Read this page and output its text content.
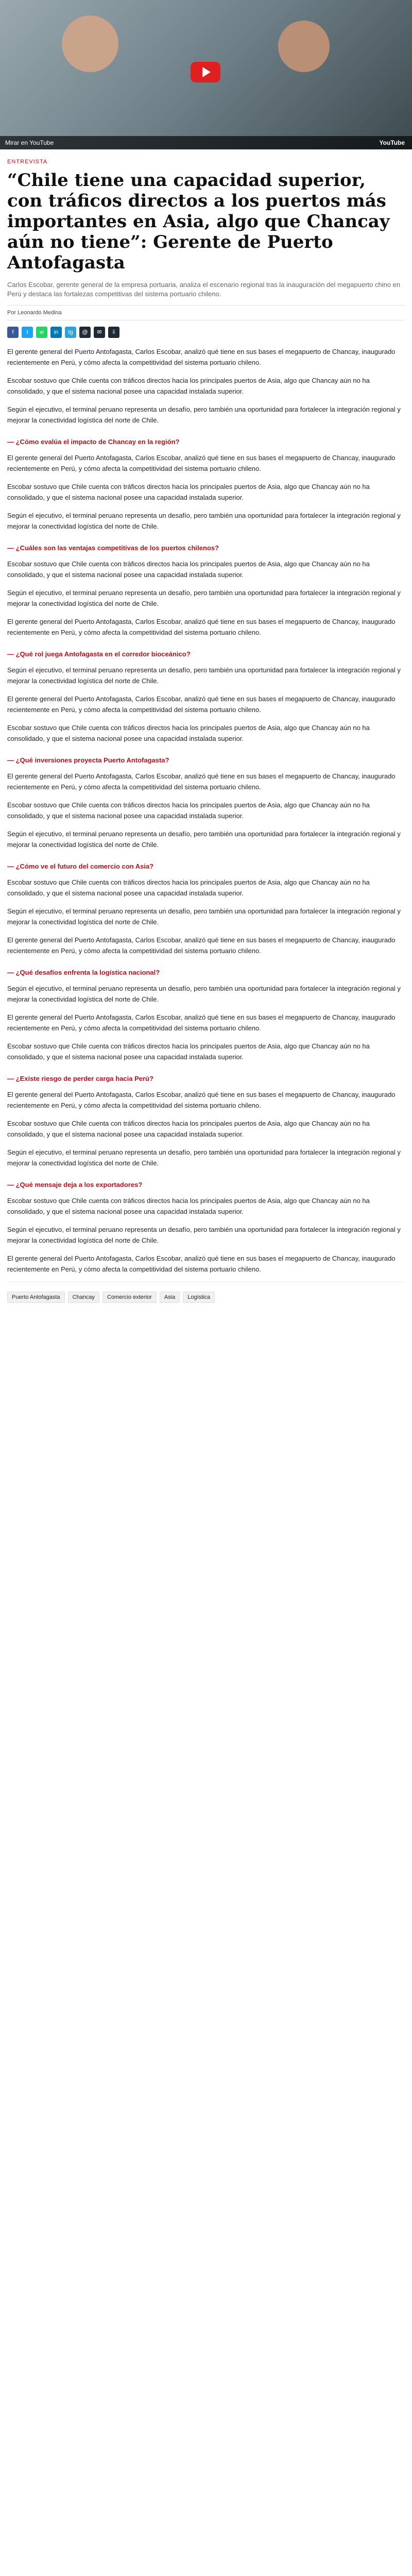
Mirar en YouTube	YouTube
ENTREVISTA
“Chile tiene una capacidad superior, con tráficos directos a los puertos más importantes en Asia, algo que Chancay aún no tiene”: Gerente de Puerto Antofagasta
Carlos Escobar, gerente general de la empresa portuaria, analiza el escenario regional tras la inauguración del megapuerto chino en Perú y destaca las fortalezas competitivas del sistema portuario chileno.
Por Leonardo Medina
f	t	w	in	tg	@	✉	⇩

El gerente general del Puerto Antofagasta, Carlos Escobar, analizó qué tiene en sus bases el megapuerto de Chancay, inaugurado recientemente en Perú, y cómo afecta la competitividad del sistema portuario chileno.

Escobar sostuvo que Chile cuenta con tráficos directos hacia los principales puertos de Asia, algo que Chancay aún no ha consolidado, y que el sistema nacional posee una capacidad instalada superior.

Según el ejecutivo, el terminal peruano representa un desafío, pero también una oportunidad para fortalecer la integración regional y mejorar la conectividad logística del norte de Chile.

— ¿Cómo evalúa el impacto de Chancay en la región?

El gerente general del Puerto Antofagasta, Carlos Escobar, analizó qué tiene en sus bases el megapuerto de Chancay, inaugurado recientemente en Perú, y cómo afecta la competitividad del sistema portuario chileno.

Escobar sostuvo que Chile cuenta con tráficos directos hacia los principales puertos de Asia, algo que Chancay aún no ha consolidado, y que el sistema nacional posee una capacidad instalada superior.

Según el ejecutivo, el terminal peruano representa un desafío, pero también una oportunidad para fortalecer la integración regional y mejorar la conectividad logística del norte de Chile.

— ¿Cuáles son las ventajas competitivas de los puertos chilenos?

Escobar sostuvo que Chile cuenta con tráficos directos hacia los principales puertos de Asia, algo que Chancay aún no ha consolidado, y que el sistema nacional posee una capacidad instalada superior.

Según el ejecutivo, el terminal peruano representa un desafío, pero también una oportunidad para fortalecer la integración regional y mejorar la conectividad logística del norte de Chile.

El gerente general del Puerto Antofagasta, Carlos Escobar, analizó qué tiene en sus bases el megapuerto de Chancay, inaugurado recientemente en Perú, y cómo afecta la competitividad del sistema portuario chileno.

— ¿Qué rol juega Antofagasta en el corredor bioceánico?

Según el ejecutivo, el terminal peruano representa un desafío, pero también una oportunidad para fortalecer la integración regional y mejorar la conectividad logística del norte de Chile.

El gerente general del Puerto Antofagasta, Carlos Escobar, analizó qué tiene en sus bases el megapuerto de Chancay, inaugurado recientemente en Perú, y cómo afecta la competitividad del sistema portuario chileno.

Escobar sostuvo que Chile cuenta con tráficos directos hacia los principales puertos de Asia, algo que Chancay aún no ha consolidado, y que el sistema nacional posee una capacidad instalada superior.

— ¿Qué inversiones proyecta Puerto Antofagasta?

El gerente general del Puerto Antofagasta, Carlos Escobar, analizó qué tiene en sus bases el megapuerto de Chancay, inaugurado recientemente en Perú, y cómo afecta la competitividad del sistema portuario chileno.

Escobar sostuvo que Chile cuenta con tráficos directos hacia los principales puertos de Asia, algo que Chancay aún no ha consolidado, y que el sistema nacional posee una capacidad instalada superior.

Según el ejecutivo, el terminal peruano representa un desafío, pero también una oportunidad para fortalecer la integración regional y mejorar la conectividad logística del norte de Chile.

— ¿Cómo ve el futuro del comercio con Asia?

Escobar sostuvo que Chile cuenta con tráficos directos hacia los principales puertos de Asia, algo que Chancay aún no ha consolidado, y que el sistema nacional posee una capacidad instalada superior.

Según el ejecutivo, el terminal peruano representa un desafío, pero también una oportunidad para fortalecer la integración regional y mejorar la conectividad logística del norte de Chile.

El gerente general del Puerto Antofagasta, Carlos Escobar, analizó qué tiene en sus bases el megapuerto de Chancay, inaugurado recientemente en Perú, y cómo afecta la competitividad del sistema portuario chileno.

— ¿Qué desafíos enfrenta la logística nacional?

Según el ejecutivo, el terminal peruano representa un desafío, pero también una oportunidad para fortalecer la integración regional y mejorar la conectividad logística del norte de Chile.

El gerente general del Puerto Antofagasta, Carlos Escobar, analizó qué tiene en sus bases el megapuerto de Chancay, inaugurado recientemente en Perú, y cómo afecta la competitividad del sistema portuario chileno.

Escobar sostuvo que Chile cuenta con tráficos directos hacia los principales puertos de Asia, algo que Chancay aún no ha consolidado, y que el sistema nacional posee una capacidad instalada superior.

— ¿Existe riesgo de perder carga hacia Perú?

El gerente general del Puerto Antofagasta, Carlos Escobar, analizó qué tiene en sus bases el megapuerto de Chancay, inaugurado recientemente en Perú, y cómo afecta la competitividad del sistema portuario chileno.

Escobar sostuvo que Chile cuenta con tráficos directos hacia los principales puertos de Asia, algo que Chancay aún no ha consolidado, y que el sistema nacional posee una capacidad instalada superior.

Según el ejecutivo, el terminal peruano representa un desafío, pero también una oportunidad para fortalecer la integración regional y mejorar la conectividad logística del norte de Chile.

— ¿Qué mensaje deja a los exportadores?

Escobar sostuvo que Chile cuenta con tráficos directos hacia los principales puertos de Asia, algo que Chancay aún no ha consolidado, y que el sistema nacional posee una capacidad instalada superior.

Según el ejecutivo, el terminal peruano representa un desafío, pero también una oportunidad para fortalecer la integración regional y mejorar la conectividad logística del norte de Chile.

El gerente general del Puerto Antofagasta, Carlos Escobar, analizó qué tiene en sus bases el megapuerto de Chancay, inaugurado recientemente en Perú, y cómo afecta la competitividad del sistema portuario chileno.

Puerto Antofagasta	Chancay	Comercio exterior	Asia	Logística
